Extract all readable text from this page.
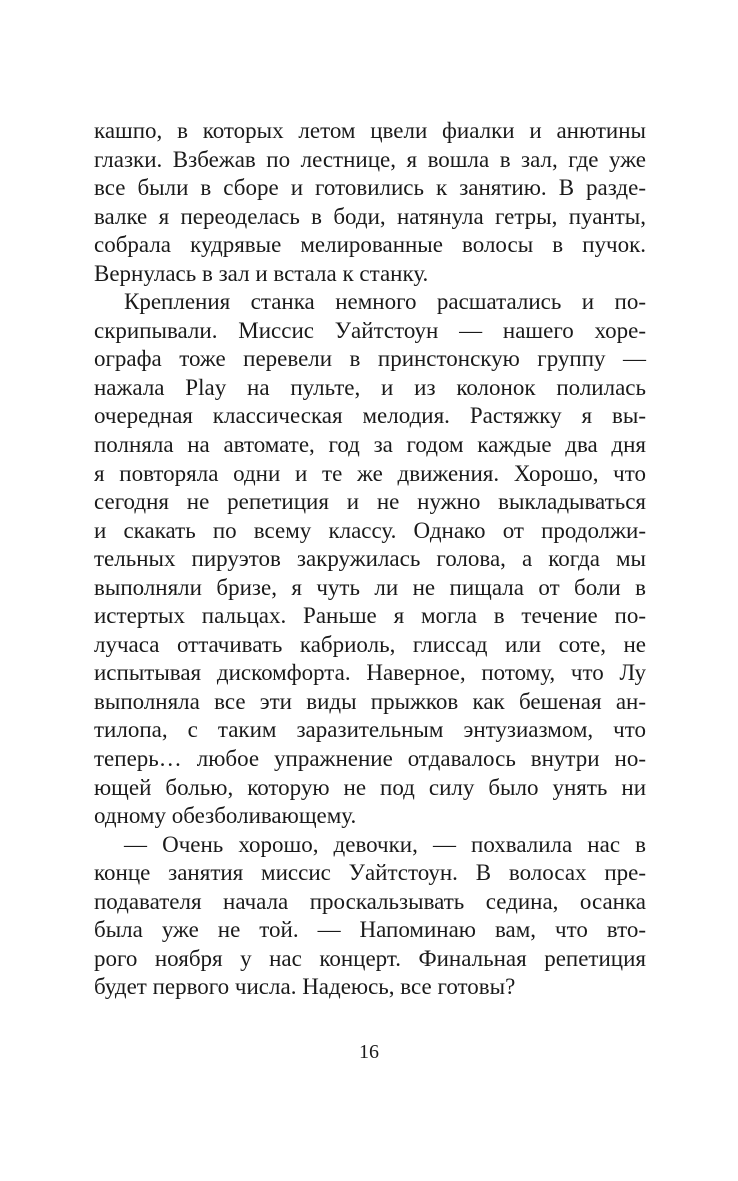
кашпо, в которых летом цвели фиалки и анютины
глазки. Взбежав по лестнице, я вошла в зал, где уже
все были в сборе и готовились к занятию. В разде-
валке я переоделась в боди, натянула гетры, пуанты,
собрала кудрявые мелированные волосы в пучок.
Вернулась в зал и встала к станку.
Крепления станка немного расшатались и по-
скрипывали. Миссис Уайтстоун — нашего хоре-
ографа тоже перевели в принстонскую группу —
нажала Play на пульте, и из колонок полилась
очередная классическая мелодия. Растяжку я вы-
полняла на автомате, год за годом каждые два дня
я повторяла одни и те же движения. Хорошо, что
сегодня не репетиция и не нужно выкладываться
и скакать по всему классу. Однако от продолжи-
тельных пируэтов закружилась голова, а когда мы
выполняли бризе, я чуть ли не пищала от боли в
истертых пальцах. Раньше я могла в течение по-
лучаса оттачивать кабриоль, глиссад или соте, не
испытывая дискомфорта. Наверное, потому, что Лу
выполняла все эти виды прыжков как бешеная ан-
тилопа, с таким заразительным энтузиазмом, что
теперь… любое упражнение отдавалось внутри но-
ющей болью, которую не под силу было унять ни
одному обезболивающему.
— Очень хорошо, девочки, — похвалила нас в
конце занятия миссис Уайтстоун. В волосах пре-
подавателя начала проскальзывать седина, осанка
была уже не той. — Напоминаю вам, что вто-
рого ноября у нас концерт. Финальная репетиция
будет первого числа. Надеюсь, все готовы?
16
